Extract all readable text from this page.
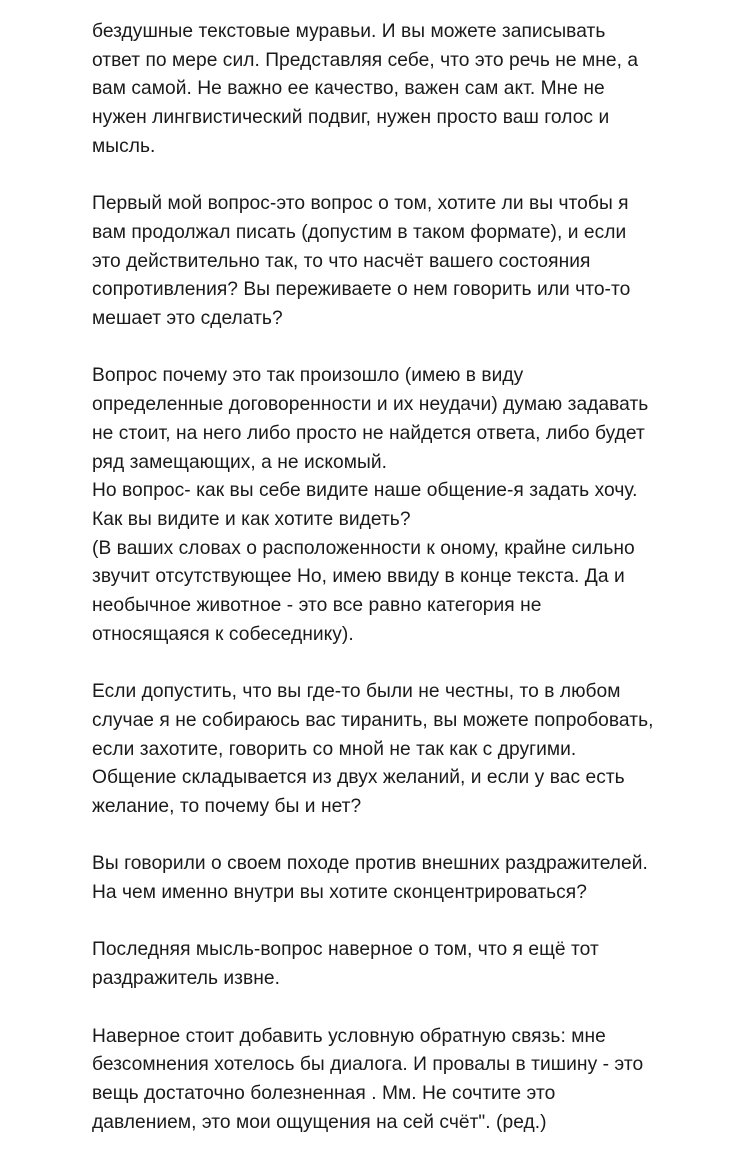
бездушные текстовые муравьи. И вы можете записывать
ответ по мере сил. Представляя себе, что это речь не мне, а
вам самой. Не важно ее качество, важен сам акт. Мне не
нужен лингвистический подвиг, нужен просто ваш голос и
мысль.
Первый мой вопрос-это вопрос о том, хотите ли вы чтобы я
вам продолжал писать (допустим в таком формате), и если
это действительно так, то что насчёт вашего состояния
сопротивления? Вы переживаете о нем говорить или что-то
мешает это сделать?
Вопрос почему это так произошло (имею в виду
определенные договоренности и их неудачи) думаю задавать
не стоит, на него либо просто не найдется ответа, либо будет
ряд замещающих, а не искомый.
Но вопрос- как вы себе видите наше общение-я задать хочу.
Как вы видите и как хотите видеть?
(В ваших словах о расположенности к оному, крайне сильно
звучит отсутствующее Но, имею ввиду в конце текста. Да и
необычное животное - это все равно категория не
относящаяся к собеседнику).
Если допустить, что вы где-то были не честны, то в любом
случае я не собираюсь вас тиранить, вы можете попробовать,
если захотите, говорить со мной не так как с другими.
Общение складывается из двух желаний, и если у вас есть
желание, то почему бы и нет?
Вы говорили о своем походе против внешних раздражителей.
На чем именно внутри вы хотите сконцентрироваться?
Последняя мысль-вопрос наверное о том, что я ещё тот
раздражитель извне.
Наверное стоит добавить условную обратную связь: мне
безсомнения хотелось бы диалога. И провалы в тишину - это
вещь достаточно болезненная . Мм. Не сочтите это
давлением, это мои ощущения на сей счёт". (ред.)
